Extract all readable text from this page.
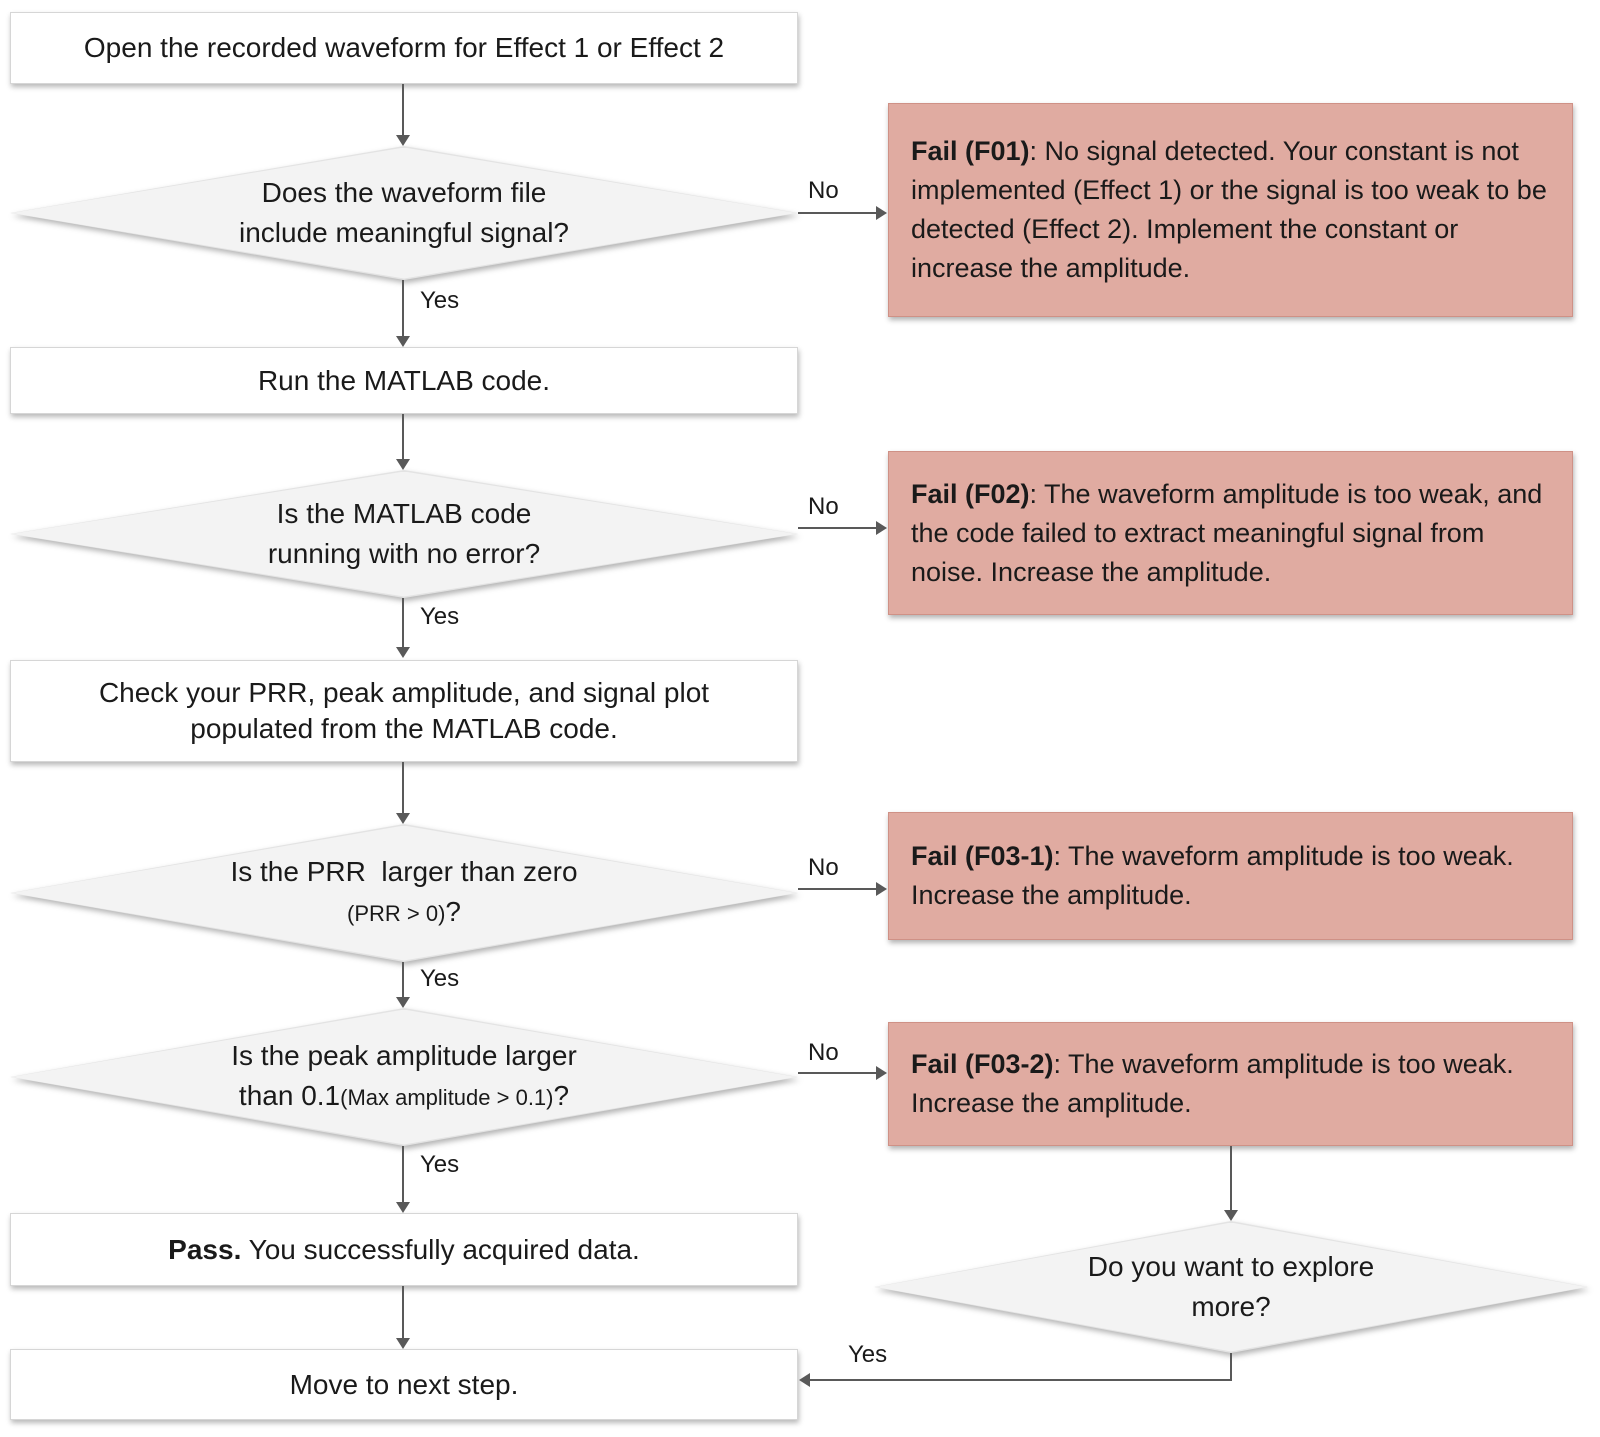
Open the recorded waveform for Effect 1 or Effect 2
Does the waveform file
include meaningful signal?
No
Fail (F01): No signal detected. Your constant is not implemented (Effect 1) or the signal is too weak to be detected (Effect 2). Implement the constant or increase the amplitude.
Yes
Run the MATLAB code.
Is the MATLAB code
running with no error?
No	Fail (F02): The waveform amplitude is too weak, and the code failed to extract meaningful signal from noise. Increase the amplitude.
Yes
Check your PRR, peak amplitude, and signal plot
populated from the MATLAB code.
Is the PRR  larger than zero
(PRR > 0)?
No	Fail (F03-1): The waveform amplitude is too weak. Increase the amplitude.
Yes
Is the peak amplitude larger
than 0.1(Max amplitude > 0.1)?
No	Fail (F03-2): The waveform amplitude is too weak. Increase the amplitude.
Yes
Pass. You successfully acquired data.
Move to next step.
Do you want to explore
more?
Yes
